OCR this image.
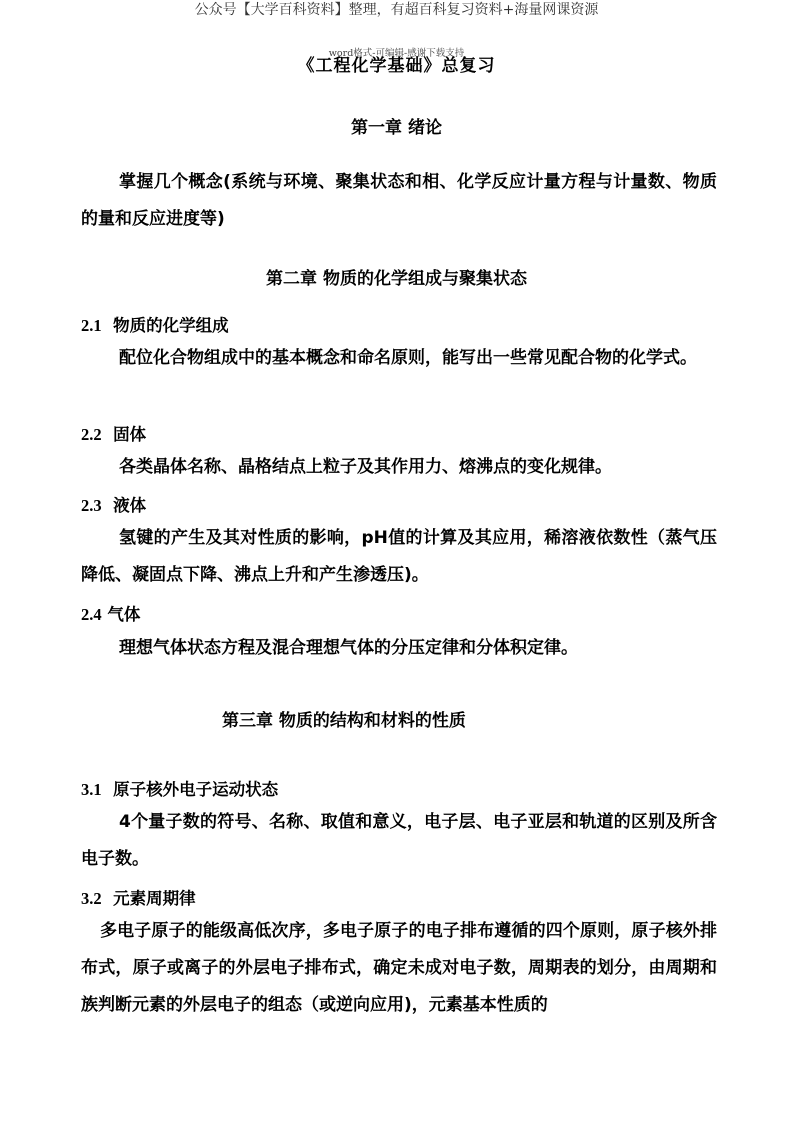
公众号【大学百科资料】整理，有超百科复习资料+海量网课资源
word格式-可编辑-感谢下载支持
《工程化学基础》总复习
第一章 绪论
掌握几个概念(系统与环境、聚集状态和相、化学反应计量方程与计量数、物质的量和反应进度等)
第二章 物质的化学组成与聚集状态
2.1 物质的化学组成
配位化合物组成中的基本概念和命名原则，能写出一些常见配合物的化学式。
2.2 固体
各类晶体名称、晶格结点上粒子及其作用力、熔沸点的变化规律。
2.3 液体
氢键的产生及其对性质的影响，pH值的计算及其应用，稀溶液依数性（蒸气压降低、凝固点下降、沸点上升和产生渗透压)。
2.4 气体
理想气体状态方程及混合理想气体的分压定律和分体积定律。
第三章 物质的结构和材料的性质
3.1 原子核外电子运动状态
4个量子数的符号、名称、取值和意义，电子层、电子亚层和轨道的区别及所含电子数。
3.2 元素周期律
多电子原子的能级高低次序，多电子原子的电子排布遵循的四个原则，原子核外排布式，原子或离子的外层电子排布式，确定未成对电子数，周期表的划分，由周期和族判断元素的外层电子的组态（或逆向应用)，元素基本性质的
